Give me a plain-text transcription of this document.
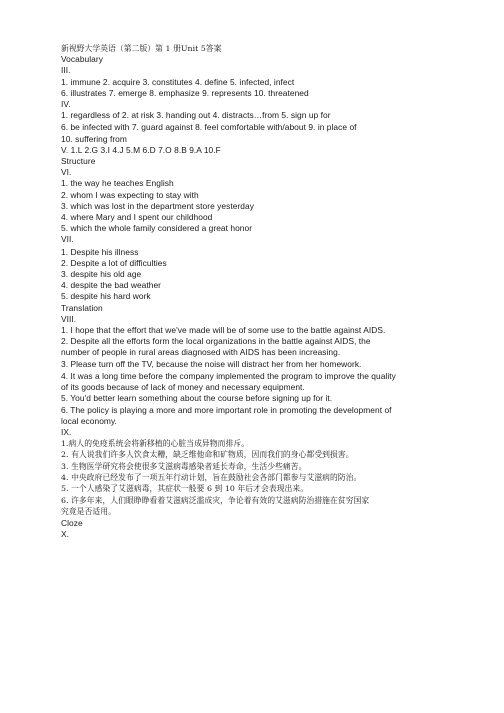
新视野大学英语（第二版）第 1 册Unit 5答案
Vocabulary
III.
1. immune 2. acquire 3. constitutes 4. define 5. infected, infect
6. illustrates 7. emerge 8. emphasize 9. represents 10. threatened
IV.
1. regardless of 2. at risk 3. handing out 4. distracts…from 5. sign up for
6. be infected with 7. guard against 8. feel comfortable with/about 9. in place of
10. suffering from
V. 1.L 2.G 3.I 4.J 5.M 6.D 7.O 8.B 9.A 10.F
Structure
VI.
1. the way he teaches English
2. whom I was expecting to stay with
3. which was lost in the department store yesterday
4. where Mary and I spent our childhood
5. which the whole family considered a great honor
VII.
1. Despite his illness
2. Despite a lot of difficulties
3. despite his old age
4. despite the bad weather
5. despite his hard work
Translation
VIII.
1. I hope that the effort that we've made will be of some use to the battle against AIDS.
2. Despite all the efforts form the local organizations in the battle against AIDS, the
number of people in rural areas diagnosed with AIDS has been increasing.
3. Please turn off the TV, because the noise will distract her from her homework.
4. It was a long time before the company implemented the program to improve the quality
of its goods because of lack of money and necessary equipment.
5. You'd better learn something about the course before signing up for it.
6. The policy is playing a more and more important role in promoting the development of
local economy.
IX.
1.病人的免疫系统会将新移植的心脏当成异物而排斥。
2. 有人说我们许多人饮食太糟，缺乏维他命和矿物质，因而我们的身心都受到损害。
3. 生物医学研究将会使很多艾滋病毒感染者延长寿命，生活少些痛苦。
4. 中央政府已经发布了一项五年行动计划，旨在鼓励社会各部门都参与艾滋病的防治。
5. 一个人感染了艾滋病毒，其症状一般要 6 到 10 年后才会表现出来。
6. 许多年来，人们眼睁睁看着艾滋病泛滥成灾，争论着有效的艾滋病防治措施在贫穷国家
究竟是否适用。
Cloze
X.
